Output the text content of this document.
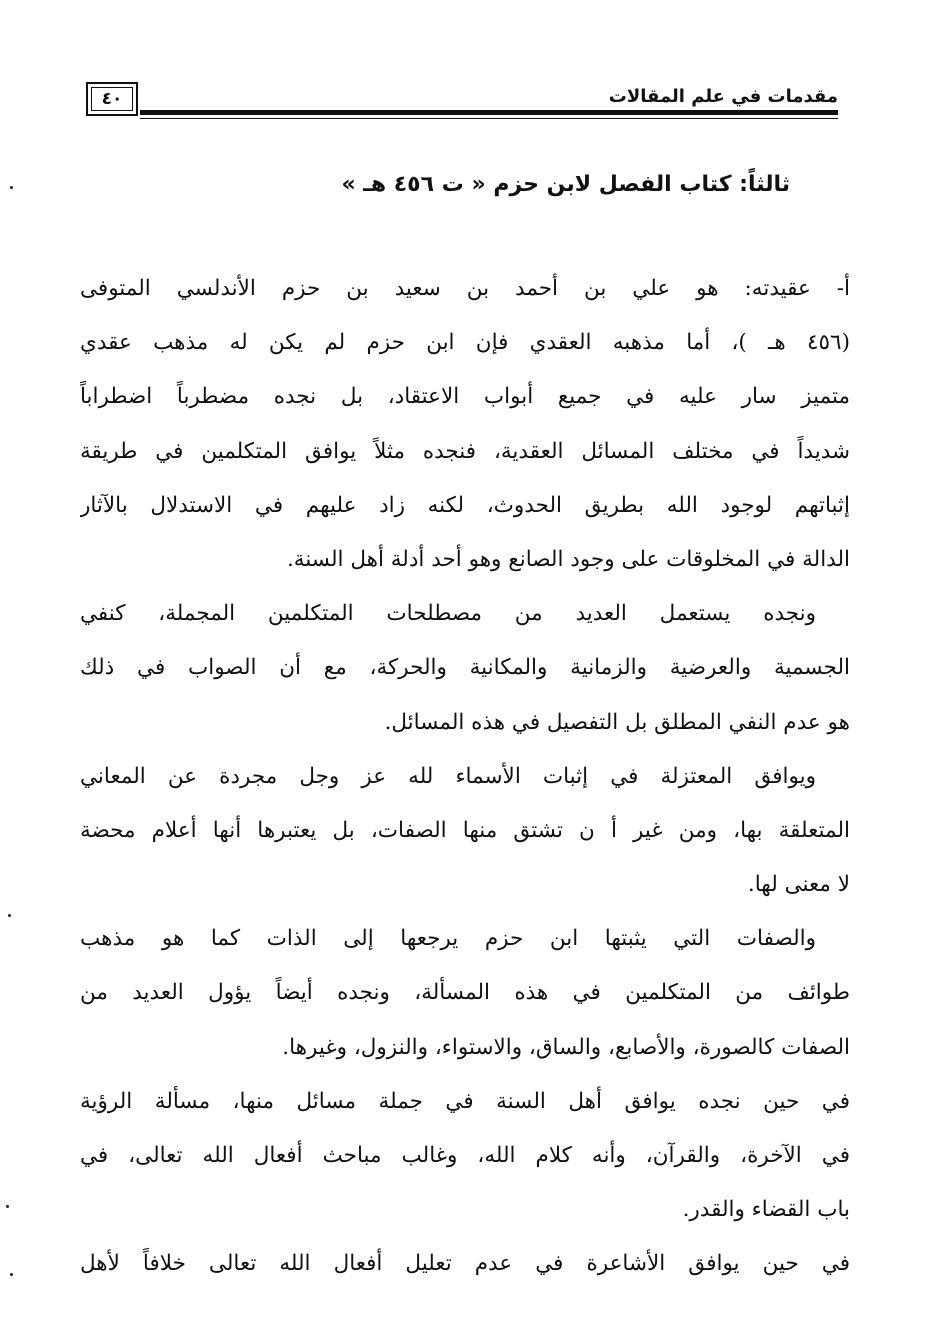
٤٠	مقدمات في علم المقالات
ثالثاً: كتاب الفصل لابن حزم « ت ٤٥٦ هـ »
أ- عقيدته: هو علي بن أحمد بن سعيد بن حزم الأندلسي المتوفى
(٤٥٦ هـ )، أما مذهبه العقدي فإن ابن حزم لم يكن له مذهب عقدي
متميز سار عليه في جميع أبواب الاعتقاد، بل نجده مضطرباً اضطراباً
شديداً في مختلف المسائل العقدية، فنجده مثلاً يوافق المتكلمين في طريقة
إثباتهم لوجود الله بطريق الحدوث، لكنه زاد عليهم في الاستدلال بالآثار
الدالة في المخلوقات على وجود الصانع وهو أحد أدلة أهل السنة.
ونجده يستعمل العديد من مصطلحات المتكلمين المجملة، كنفي
الجسمية والعرضية والزمانية والمكانية والحركة، مع أن الصواب في ذلك
هو عدم النفي المطلق بل التفصيل في هذه المسائل.
ويوافق المعتزلة في إثبات الأسماء لله عز وجل مجردة عن المعاني
المتعلقة بها، ومن غير أ ن تشتق منها الصفات، بل يعتبرها أنها أعلام محضة
لا معنى لها.
والصفات التي يثبتها ابن حزم يرجعها إلى الذات كما هو مذهب
طوائف من المتكلمين في هذه المسألة، ونجده أيضاً يؤول العديد من
الصفات كالصورة، والأصابع، والساق، والاستواء، والنزول، وغيرها.
في حين نجده يوافق أهل السنة في جملة مسائل منها، مسألة الرؤية
في الآخرة، والقرآن، وأنه كلام الله، وغالب مباحث أفعال الله تعالى، في
باب القضاء والقدر.
في حين يوافق الأشاعرة في عدم تعليل أفعال الله تعالى خلافاً لأهل
